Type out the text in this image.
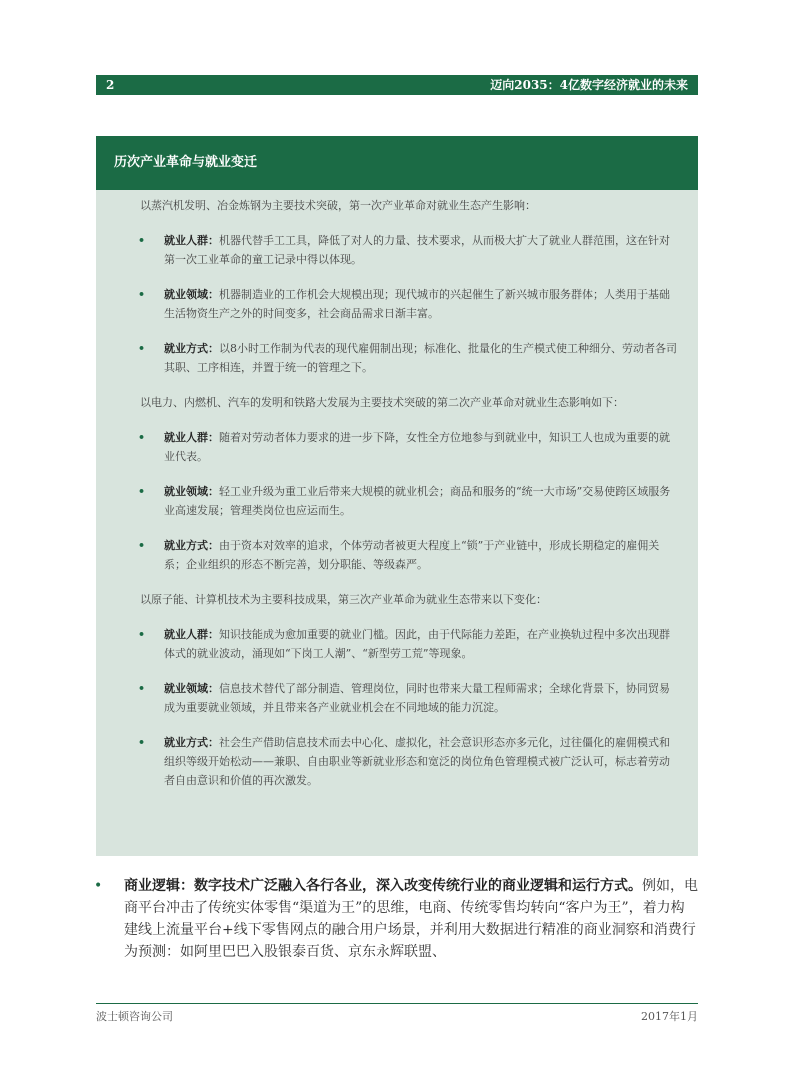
2	迈向2035：4亿数字经济就业的未来
历次产业革命与就业变迁

以蒸汽机发明、冶金炼钢为主要技术突破，第一次产业革命对就业生态产生影响：

• 就业人群：机器代替手工工具，降低了对人的力量、技术要求，从而极大扩大了就业人群范围，这在针对第一次工业革命的童工记录中得以体现。
• 就业领域：机器制造业的工作机会大规模出现；现代城市的兴起催生了新兴城市服务群体；人类用于基础生活物资生产之外的时间变多，社会商品需求日渐丰富。
• 就业方式：以8小时工作制为代表的现代雇佣制出现；标准化、批量化的生产模式使工种细分、劳动者各司其职、工序相连，并置于统一的管理之下。

以电力、内燃机、汽车的发明和铁路大发展为主要技术突破的第二次产业革命对就业生态影响如下：

• 就业人群：随着对劳动者体力要求的进一步下降，女性全方位地参与到就业中，知识工人也成为重要的就业代表。
• 就业领域：轻工业升级为重工业后带来大规模的就业机会；商品和服务的“统一大市场”交易使跨区域服务业高速发展；管理类岗位也应运而生。
• 就业方式：由于资本对效率的追求，个体劳动者被更大程度上“锁”于产业链中，形成长期稳定的雇佣关系；企业组织的形态不断完善，划分职能、等级森严。

以原子能、计算机技术为主要科技成果，第三次产业革命为就业生态带来以下变化：

• 就业人群：知识技能成为愈加重要的就业门槛。因此，由于代际能力差距，在产业换轨过程中多次出现群体式的就业波动，涌现如“下岗工人潮”、“新型劳工荒”等现象。
• 就业领域：信息技术替代了部分制造、管理岗位，同时也带来大量工程师需求；全球化背景下，协同贸易成为重要就业领域，并且带来各产业就业机会在不同地域的能力沉淀。
• 就业方式：社会生产借助信息技术而去中心化、虚拟化，社会意识形态亦多元化，过往僵化的雇佣模式和组织等级开始松动——兼职、自由职业等新就业形态和宽泛的岗位角色管理模式被广泛认可，标志着劳动者自由意识和价值的再次激发。
•	商业逻辑：数字技术广泛融入各行各业，深入改变传统行业的商业逻辑和运行方式。例如，电商平台冲击了传统实体零售“渠道为王”的思维，电商、传统零售均转向“客户为王”，着力构建线上流量平台+线下零售网点的融合用户场景，并利用大数据进行精准的商业洞察和消费行为预测：如阿里巴巴入股银泰百货、京东永辉联盟、
波士顿咨询公司	2017年1月
